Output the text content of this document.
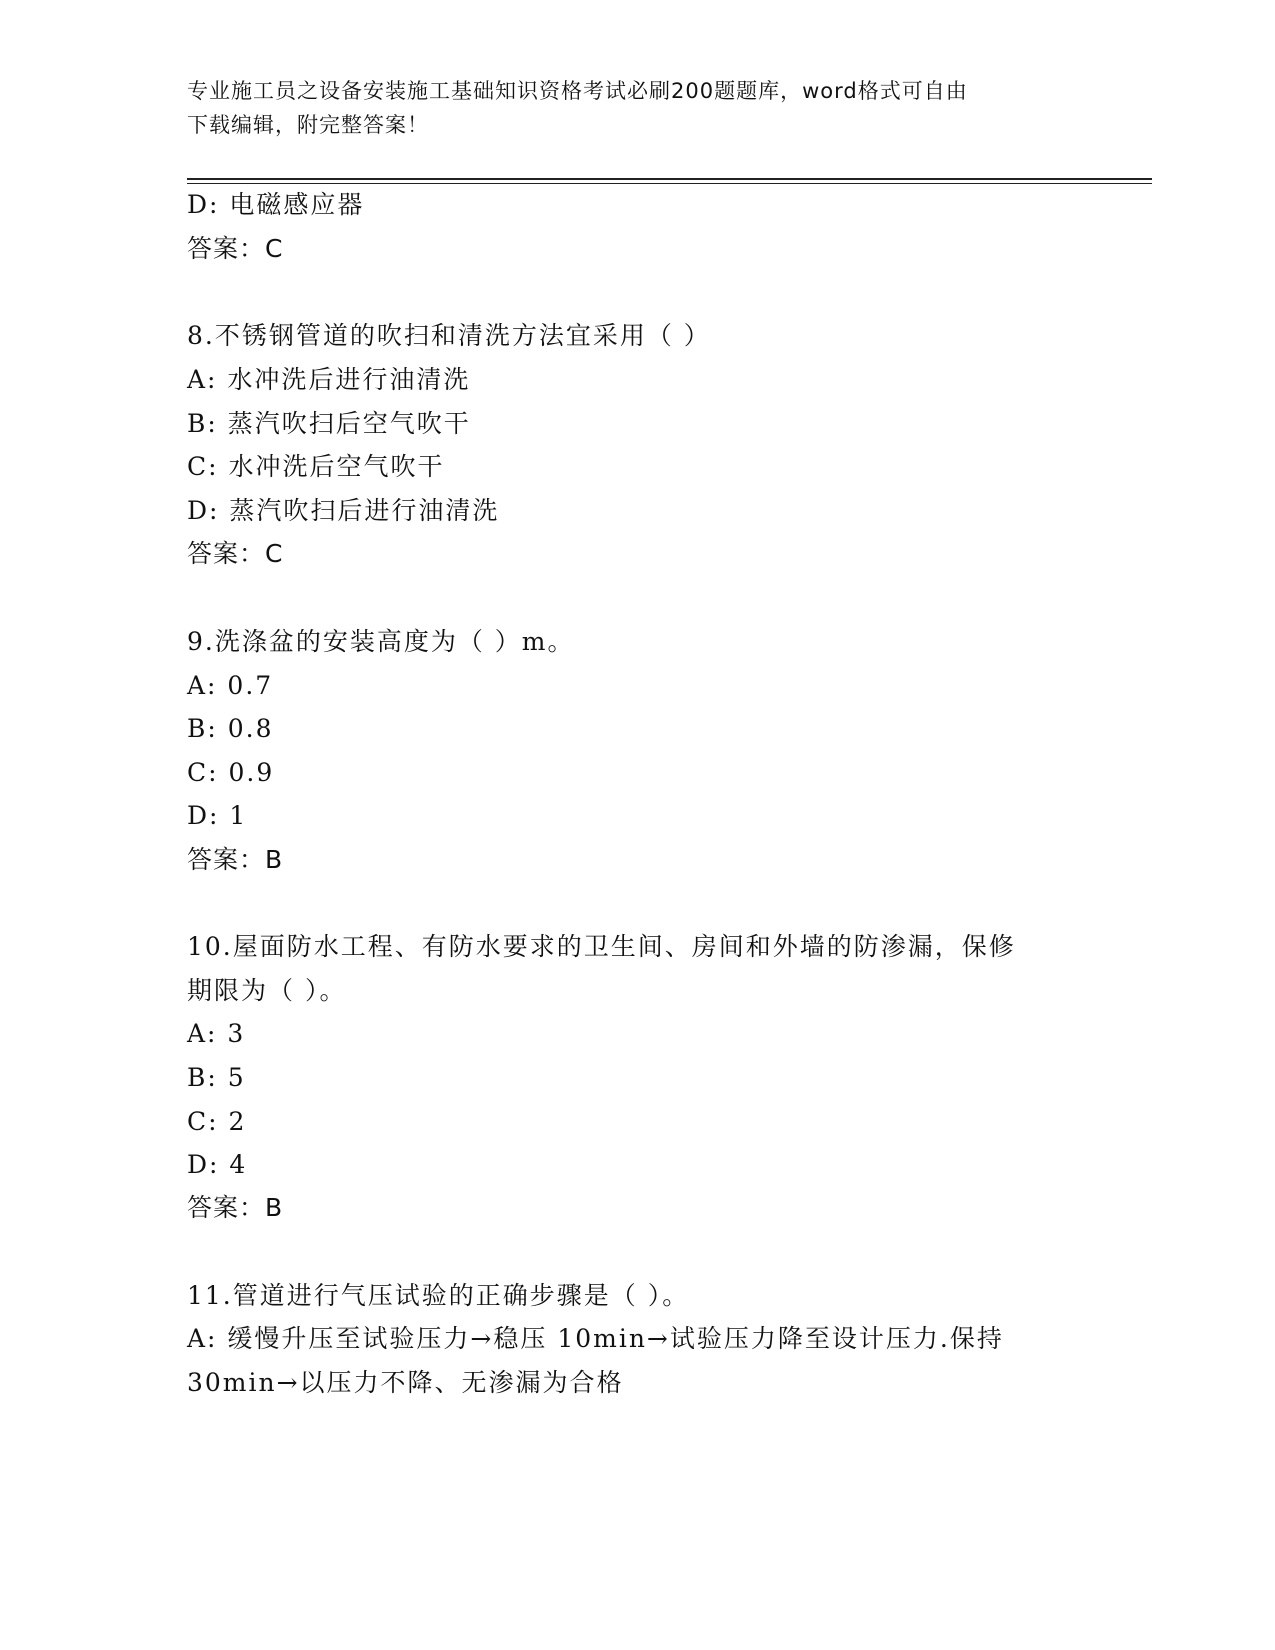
专业施工员之设备安装施工基础知识资格考试必刷200题题库，word格式可自由
下载编辑，附完整答案！
D: 电磁感应器
答案：C
8.不锈钢管道的吹扫和清洗方法宜采用（ ）
A: 水冲洗后进行油清洗
B: 蒸汽吹扫后空气吹干
C: 水冲洗后空气吹干
D: 蒸汽吹扫后进行油清洗
答案：C
9.洗涤盆的安装高度为（ ）m。
A: 0.7
B: 0.8
C: 0.9
D: 1
答案：B
10.屋面防水工程、有防水要求的卫生间、房间和外墙的防渗漏，保修
期限为（ ）。
A: 3
B: 5
C: 2
D: 4
答案：B
11.管道进行气压试验的正确步骤是（ ）。
A: 缓慢升压至试验压力→稳压 10min→试验压力降至设计压力.保持
30min→以压力不降、无渗漏为合格
